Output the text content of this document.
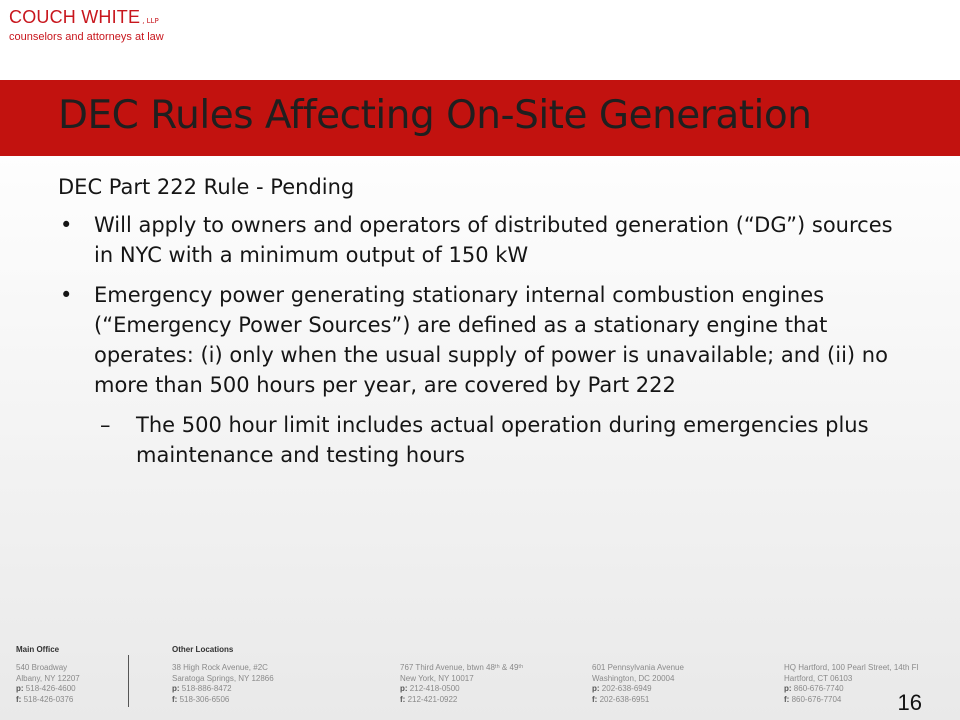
COUCH WHITE , LLP
counselors and attorneys at law
DEC Rules Affecting On-Site Generation

DEC Part 222 Rule - Pending

• Will apply to owners and operators of distributed generation (“DG”) sources in NYC with a minimum output of 150 kW
• Emergency power generating stationary internal combustion engines (“Emergency Power Sources”) are defined as a stationary engine that operates: (i) only when the usual supply of power is unavailable; and (ii) no more than 500 hours per year, are covered by Part 222
– The 500 hour limit includes actual operation during emergencies plus maintenance and testing hours
Main Office	Other Locations
540 Broadway
Albany, NY 12207
p: 518-426-4600
f: 518-426-0376
38 High Rock Avenue, #2C
Saratoga Springs, NY 12866
p: 518-886-8472
f: 518-306-6506
767 Third Avenue, btwn 48ᵗʰ & 49ᵗʰ
New York, NY 10017
p: 212-418-0500
f: 212-421-0922
601 Pennsylvania Avenue
Washington, DC 20004
p: 202-638-6949
f: 202-638-6951
HQ Hartford, 100 Pearl Street, 14th Fl
Hartford, CT 06103
p: 860-676-7740
f: 860-676-7704	16
